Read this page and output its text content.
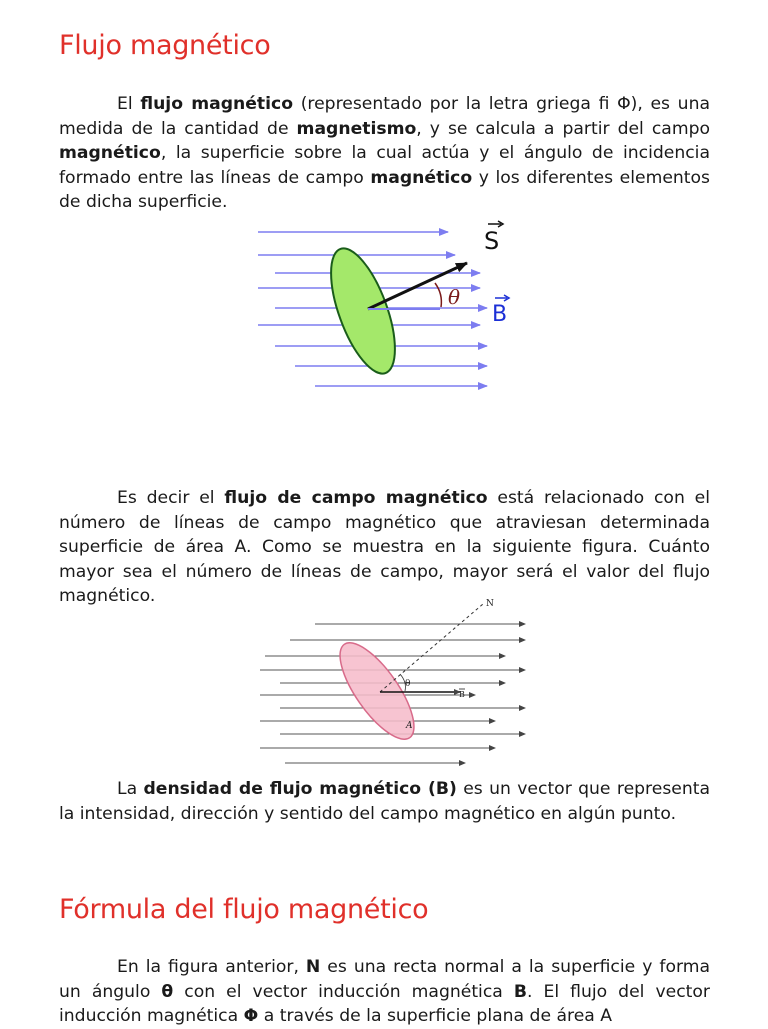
Flujo magnético

El flujo magnético (representado por la letra griega fi Φ), es una medida de la cantidad de magnetismo, y se calcula a partir del campo magnético, la superficie sobre la cual actúa y el ángulo de incidencia formado entre las líneas de campo magnético y los diferentes elementos de dicha superficie.

S
θ
B

Es decir el flujo de campo magnético está relacionado con el número de líneas de campo magnético que atraviesan determinada superficie de área A. Como se muestra en la siguiente figura. Cuánto mayor sea el número de líneas de campo, mayor será el valor del flujo magnético.	N
θ
B
A

La densidad de flujo magnético (B) es un vector que representa la intensidad, dirección y sentido del campo magnético en algún punto.

Fórmula del flujo magnético

En la figura anterior, N es una recta normal a la superficie y forma un ángulo θ con el vector inducción magnética B. El flujo del vector inducción magnética Φ a través de la superficie plana de área A
